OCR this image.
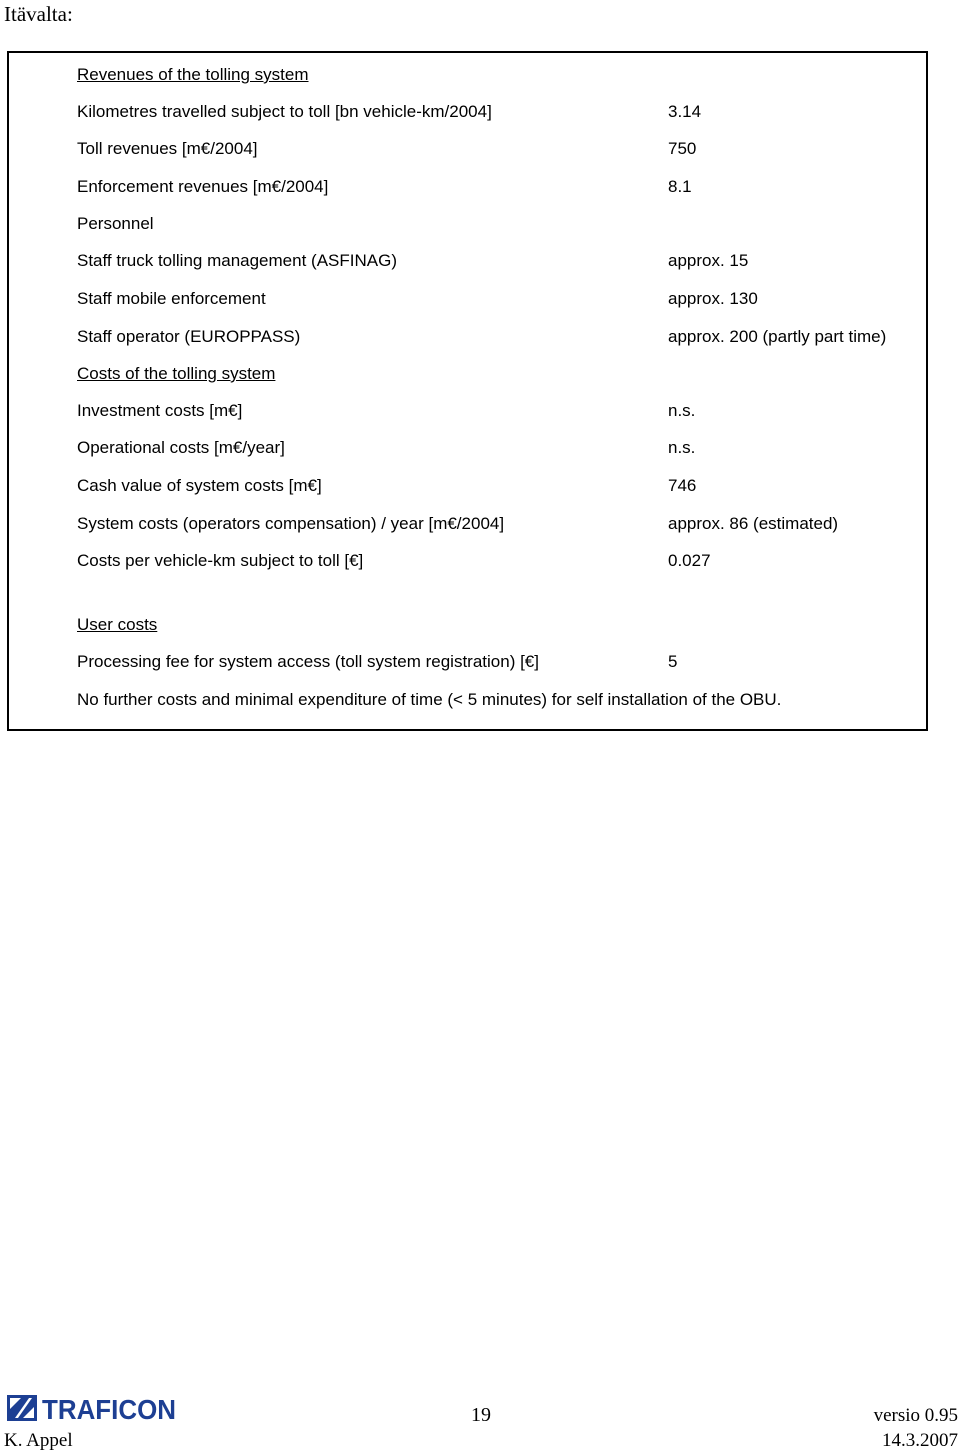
Itävalta:
Revenues of the tolling system
Kilometres travelled subject to toll [bn vehicle-km/2004]	3.14
Toll revenues [m€/2004]	750
Enforcement revenues [m€/2004]	8.1
Personnel
Staff truck tolling management (ASFINAG)	approx. 15
Staff mobile enforcement	approx. 130
Staff operator (EUROPPASS)	approx. 200 (partly part time)
Costs of the tolling system
Investment costs [m€]	n.s.
Operational costs [m€/year]	n.s.
Cash value of system costs [m€]	746
System costs (operators compensation) / year [m€/2004]	approx. 86 (estimated)
Costs per vehicle-km subject to toll [€]	0.027
User costs
Processing fee for system access (toll system registration) [€]	5
No further costs and minimal expenditure of time (< 5 minutes) for self installation of the OBU.
TRAFICON	19	versio 0.95
K. Appel	14.3.2007
